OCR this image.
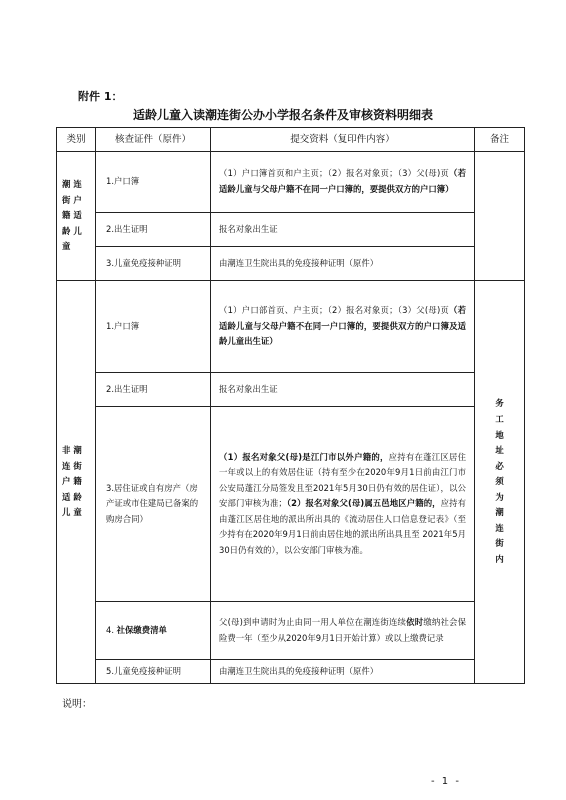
附件 1：
适龄儿童入读潮连街公办小学报名条件及审核资料明细表
类别	核查证件（原件）	提交资料（复印件内容）	备注
潮连街户籍适龄儿童	1.户口簿	（1）户口簿首页和户主页；（2）报名对象页；（3）父(母)页（若适龄儿童与父母户籍不在同一户口簿的，要提供双方的户口簿）	
	2.出生证明	报名对象出生证	
	3.儿童免疫接种证明	由潮连卫生院出具的免疫接种证明（原件）	
非潮连街户籍适龄儿童	1.户口簿	（1）户口部首页、户主页；（2）报名对象页；（3）父(母)页（若适龄儿童与父母户籍不在同一户口簿的，要提供双方的户口簿及适龄儿童出生证）	务工地址必须为潮连街内
	2.出生证明	报名对象出生证	
	3.居住证或自有房产（房产证或市住建局已备案的购房合同）	（1）报名对象父(母)是江门市以外户籍的，应持有在蓬江区居住一年或以上的有效居住证（持有至少在2020年9月1日前由江门市公安局蓬江分局签发且至2021年5月30日仍有效的居住证），以公安部门审核为准；（2）报名对象父(母)属五邑地区户籍的，应持有由蓬江区居住地的派出所出具的《流动居住人口信息登记表》（至少持有在2020年9月1日前由居住地的派出所出具且至 2021年5月30日仍有效的），以公安部门审核为准。	
	4. 社保缴费清单	父(母)到申请时为止由同一用人单位在潮连街连续依时缴纳社会保险费一年（至少从2020年9月1日开始计算）或以上缴费记录	
	5.儿童免疫接种证明	由潮连卫生院出具的免疫接种证明（原件）	
说明：
- 1 -
